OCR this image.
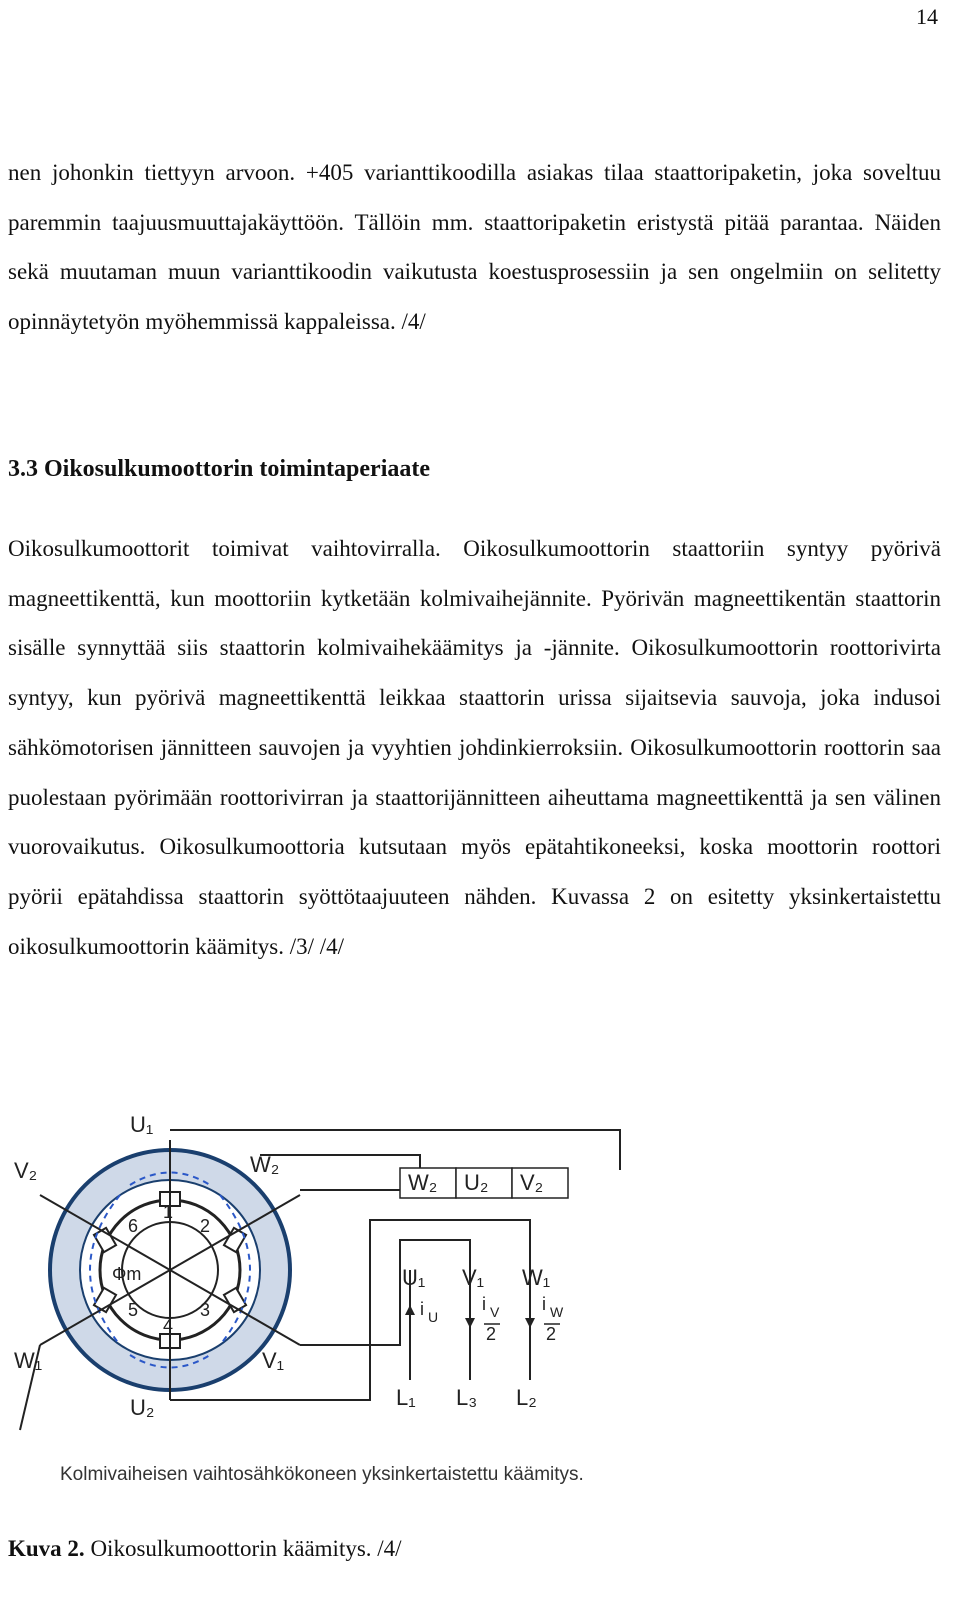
14

nen johonkin tiettyyn arvoon. +405 varianttikoodilla asiakas tilaa staattoripaketin, joka soveltuu paremmin taajuusmuuttajakäyttöön. Tällöin mm. staattoripaketin eristystä pitää parantaa. Näiden sekä muutaman muun varianttikoodin vaikutusta koestusprosessiin ja sen ongelmiin on selitetty opinnäytetyön myöhemmissä kappaleissa. /4/

3.3 Oikosulkumoottorin toimintaperiaate

Oikosulkumoottorit toimivat vaihtovirralla. Oikosulkumoottorin staattoriin syntyy pyörivä magneettikenttä, kun moottoriin kytketään kolmivaihejännite. Pyörivän magneettikentän staattorin sisälle synnyttää siis staattorin kolmivaihekäämitys ja -jännite. Oikosulkumoottorin roottorivirta syntyy, kun pyörivä magneettikenttä leikkaa staattorin urissa sijaitsevia sauvoja, joka indusoi sähkömotorisen jännitteen sauvojen ja vyyhtien johdinkierroksiin. Oikosulkumoottorin roottorin saa puolestaan pyörimään roottorivirran ja staattorijännitteen aiheuttama magneettikenttä ja sen välinen vuorovaikutus. Oikosulkumoottoria kutsutaan myös epätahtikoneeksi, koska moottorin roottori pyörii epätahdissa staattorin syöttötaajuuteen nähden. Kuvassa 2 on esitetty yksinkertaistettu oikosulkumoottorin käämitys. /3/ /4/

U₁
U₂
V₂	W₂
W₁	V₁
Φm
1
2
3
4
5
6
W₂ U₂ V₂
U₁ V₁ W₁
i U
i V
2
i W
2
L₁ L₃ L₂
Kolmivaiheisen vaihtosähkökoneen yksinkertaistettu käämitys.
Kuva 2. Oikosulkumoottorin käämitys. /4/
